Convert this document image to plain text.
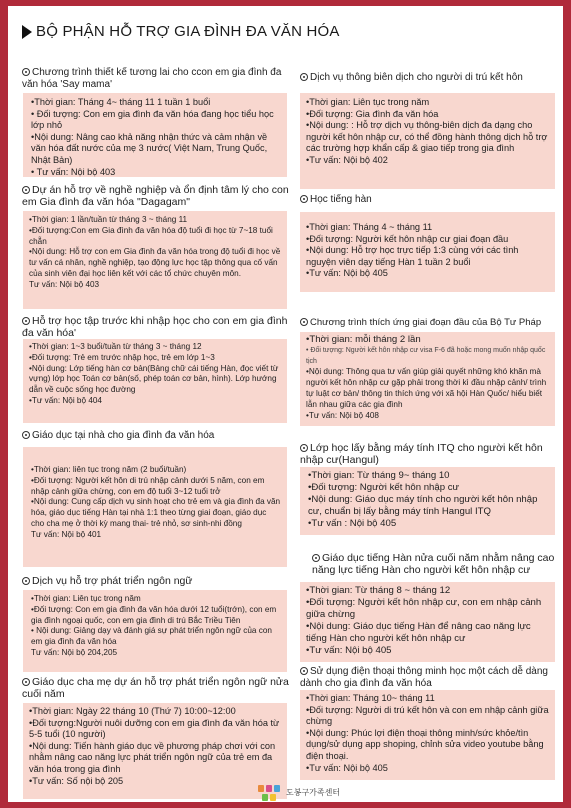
BỘ PHẬN HỖ TRỢ GIA ĐÌNH ĐA VĂN HÓA
Chương trình thiết kế tương lai cho ccon em gia đình đa văn hóa 'Say mama'
•Thời gian: Tháng 4~ tháng 11 1 tuần 1 buổi
• Đối tượng: Con em gia đình đa văn hóa đang học tiểu học lớp nhỏ
•Nội dung: Nâng cao khả năng nhận thức và cảm nhận về văn hóa đất nước của mẹ 3 nước( Việt Nam, Trung Quốc, Nhật Bản)
• Tư vấn: Nội bộ 403
Dự án hỗ trợ về nghề nghiệp và ổn định tâm lý cho con em Gia đình đa văn hóa "Dagagam"
•Thời gian: 1 lần/tuần từ tháng 3 ~ tháng 11
•Đối tượng:Con em Gia đình đa văn hóa độ tuổi đi học từ 7~18 tuổi chẵn
•Nội dung: Hỗ trợ con em Gia đình đa văn hóa trong độ tuổi đi học về tư vấn cá nhân, nghề nghiệp, tạo động lực học tập thông qua cố vấn của sinh viên đại học liên kết với các tổ chức chuyên môn.
Tư vấn: Nội bộ 403
Hỗ trợ học tập trước khi nhập học cho con em gia đình đa văn hóa'
•Thời gian: 1~3 buổi/tuần từ tháng 3 ~ tháng 12
•Đối tượng: Trẻ em trước nhập học, trẻ em lớp 1~3
•Nội dung: Lớp tiếng hàn cơ bản(Bảng chữ cái tiếng Hàn, đọc viết từ vựng) lớp học Toán cơ bản(số, phép toán cơ bản, hình). Lớp hướng dẫn về cuộc sống học đường
•Tư vấn: Nội bộ 404
Giáo dục tại nhà cho gia đình đa văn hóa
•Thời gian: liên tục trong năm (2 buổi/tuần)
•Đối tượng: Người kết hôn di trú nhập cảnh dưới 5 năm, con em nhập cảnh giữa chừng, con em độ tuổi 3~12 tuổi trở
•Nội dung: Cung cấp dịch vụ sinh hoạt cho trẻ em và gia đình đa văn hóa, giáo dục tiếng Hàn tại nhà 1:1 theo từng giai đoạn, giáo dục cho cha mẹ ở thời kỳ mang thai- trẻ nhỏ, sơ sinh-nhi đồng
Tư vấn: Nội bộ 401
Dịch vụ hỗ trợ phát triển ngôn ngữ
•Thời gian: Liên tục trong năm
•Đối tượng: Con em gia đình đa văn hóa dưới 12 tuổi(trớn), con em gia đình ngoại quốc, con em gia đình di trú Bắc Triều Tiên
• Nội dung: Giảng dạy và đánh giá sự phát triển ngôn ngữ của con em gia đình đa văn hóa
Tư vấn: Nội bộ 204,205
Giáo dục cha mẹ dự án hỗ trợ phát triển ngôn ngữ nửa cuối năm
•Thời gian: Ngày 22 tháng 10 (Thứ 7) 10:00~12:00
•Đối tượng:Người nuôi dưỡng con em gia đình đa văn hóa từ 5-5 tuổi (10 người)
•Nội dung: Tiến hành giáo dục về phương pháp chơi với con nhằm nâng cao năng lực phát triển ngôn ngữ của trẻ em đa văn hóa trong gia đình
•Tư vấn: Số nội bộ 205
Dịch vụ thông biên dịch cho người di trú kết hôn
•Thời gian: Liên tục trong năm
•Đối tượng: Gia đình đa văn hóa
•Nội dung: : Hỗ trợ dịch vụ thông-biên dịch đa dạng cho người kết hôn nhập cư, có thể đồng hành thông dịch hỗ trợ các trường hợp khẩn cấp & giao tiếp trong gia đình
•Tư vấn: Nội bộ 402
Học tiếng hàn
•Thời gian: Tháng 4 ~ tháng 11
•Đối tượng: Người kết hôn nhập cư giai đoạn đầu
•Nội dung: Hỗ trợ học trực tiếp 1:3 cùng với các tình nguyện viên dạy tiếng Hàn 1 tuần 2 buổi
•Tư vấn: Nội bộ 405
Chương trình thích ứng giai đoạn đầu của Bộ Tư Pháp
•Thời gian: mỗi tháng 2 lần
• Đối tượng: Người kết hôn nhập cư visa F-6 đã hoặc mong muốn nhập quốc tịch
•Nội dung: Thông qua tư vấn giúp giải quyết những khó khăn mà người kết hôn nhập cư gặp phải trong thời kì đầu nhập cảnh/ trình tự luật cơ bản/ thông tin thích ứng với xã hội Hàn Quốc/ hiểu biết lẫn nhau giữa các gia đình
•Tư vấn: Nội bộ 408
Lớp học lấy bằng máy tính ITQ cho người kết hôn nhập cư(Hangul)
•Thời gian: Từ tháng 9~ tháng 10
•Đối tượng: Người kết hôn nhập cư
•Nội dung: Giáo dục máy tính cho người kết hôn nhập cư, chuẩn bị lấy bằng máy tính Hangul ITQ
•Tư vấn : Nội bộ 405
Giáo dục tiếng Hàn nửa cuối năm nhằm nâng cao năng lực tiếng Hàn cho người kết hôn nhập cư
•Thời gian: Từ tháng 8 ~ tháng 12
•Đối tượng: Người kết hôn nhập cư, con em nhập cảnh giữa chừng
•Nội dung: Giáo dục tiếng Hàn để nâng cao năng lực tiếng Hàn cho người kết hôn nhập cư
•Tư vấn: Nội bộ 405
Sử dụng điện thoại thông minh học một cách dễ dàng dành cho gia đình đa văn hóa
•Thời gian: Tháng 10~ tháng 11
•Đối tượng: Người di trú kết hôn và con em nhập cảnh giữa chừng
•Nội dung: Phúc lợi điện thoại thông minh/sức khỏe/tìn dụng/sử dụng app shoping, chỉnh sửa video youtube bằng điện thoại.
•Tư vấn: Nội bộ 405
도봉구가족센터
